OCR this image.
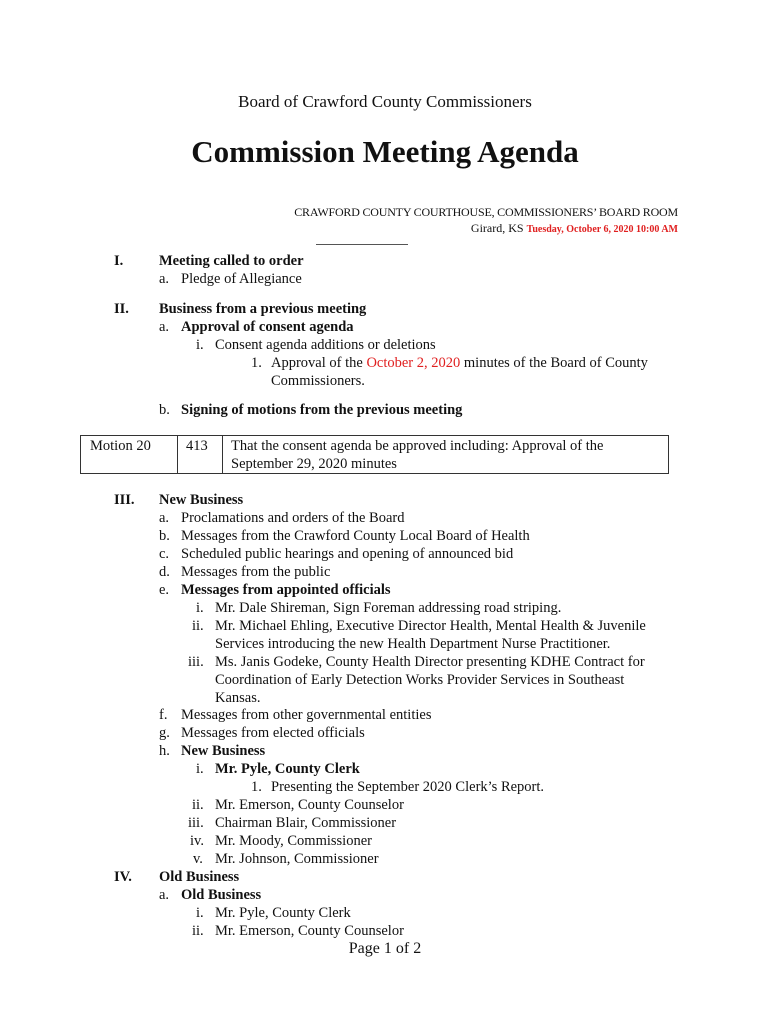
Board of Crawford County Commissioners
Commission Meeting Agenda
CRAWFORD COUNTY COURTHOUSE, COMMISSIONERS’ BOARD ROOM
Girard, KS Tuesday, October 6, 2020 10:00 AM
I. Meeting called to order
a. Pledge of Allegiance
II. Business from a previous meeting
a. Approval of consent agenda
i. Consent agenda additions or deletions
1. Approval of the October 2, 2020 minutes of the Board of County
Commissioners.
b. Signing of motions from the previous meeting
Motion 20 413 That the consent agenda be approved including: Approval of the
September 29, 2020 minutes
III. New Business
a. Proclamations and orders of the Board
b. Messages from the Crawford County Local Board of Health
c. Scheduled public hearings and opening of announced bid
d. Messages from the public
e. Messages from appointed officials
i. Mr. Dale Shireman, Sign Foreman addressing road striping.
ii. Mr. Michael Ehling, Executive Director Health, Mental Health & Juvenile
Services introducing the new Health Department Nurse Practitioner.
iii. Ms. Janis Godeke, County Health Director presenting KDHE Contract for
Coordination of Early Detection Works Provider Services in Southeast
Kansas.
f. Messages from other governmental entities
g. Messages from elected officials
h. New Business
i. Mr. Pyle, County Clerk
1. Presenting the September 2020 Clerk’s Report.
ii. Mr. Emerson, County Counselor
iii. Chairman Blair, Commissioner
iv. Mr. Moody, Commissioner
v. Mr. Johnson, Commissioner
IV. Old Business
a. Old Business
i. Mr. Pyle, County Clerk
ii. Mr. Emerson, County Counselor
Page 1 of 2
